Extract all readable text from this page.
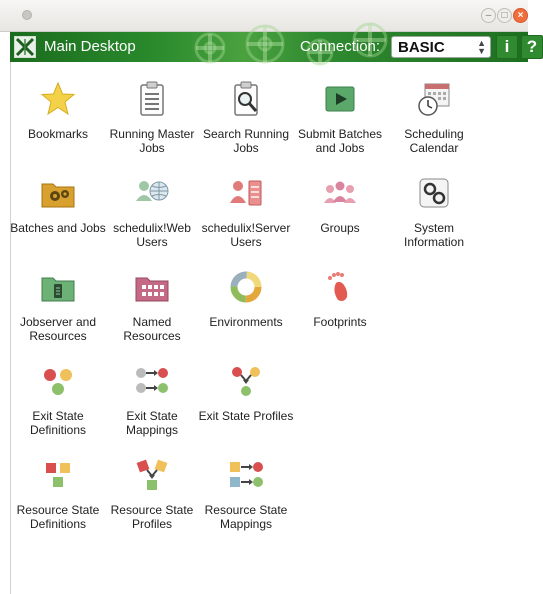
–	□	×
Main Desktop	Connection: BASIC	▲
▼	i	?
Bookmarks	Running Master Jobs
Search Running Jobs
Submit Batches and Jobs
Scheduling Calendar
Batches and Jobs schedulix!Web Users
schedulix!Server Users
Groups	System Information
Jobserver and Resources
Named Resources
Environments	Footprints
Exit State Definitions
Exit State Mappings
Exit State Profiles
Resource State Definitions
Resource State Profiles
Resource State Mappings
